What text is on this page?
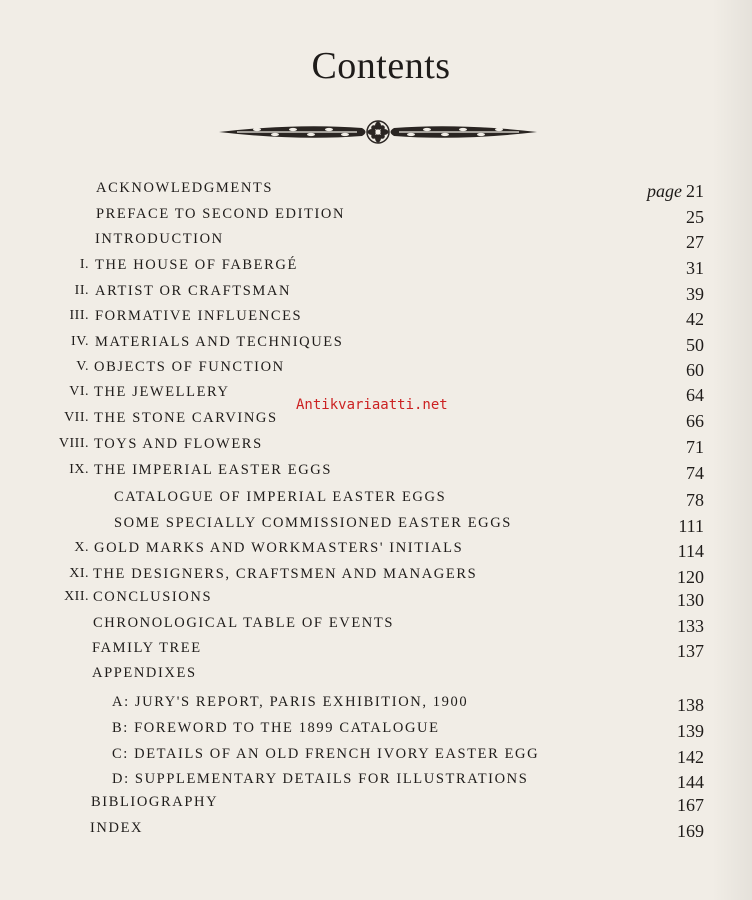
Contents
ACKNOWLEDGMENTS	page 21
PREFACE TO SECOND EDITION	25
INTRODUCTION	27
I. THE HOUSE OF FABERGÉ	31
II. ARTIST OR CRAFTSMAN	39
III. FORMATIVE INFLUENCES	42
IV. MATERIALS AND TECHNIQUES	50
V. OBJECTS OF FUNCTION	60
VI. THE JEWELLERY	64
VII. THE STONE CARVINGS	66
VIII. TOYS AND FLOWERS	71
IX. THE IMPERIAL EASTER EGGS	74
CATALOGUE OF IMPERIAL EASTER EGGS	78
SOME SPECIALLY COMMISSIONED EASTER EGGS	111
X. GOLD MARKS AND WORKMASTERS' INITIALS	114
XI. THE DESIGNERS, CRAFTSMEN AND MANAGERS	120
XII. CONCLUSIONS	130
CHRONOLOGICAL TABLE OF EVENTS	133
FAMILY TREE	137
APPENDIXES
A: JURY'S REPORT, PARIS EXHIBITION, 1900	138
B: FOREWORD TO THE 1899 CATALOGUE	139
C: DETAILS OF AN OLD FRENCH IVORY EASTER EGG	142
D: SUPPLEMENTARY DETAILS FOR ILLUSTRATIONS	144
BIBLIOGRAPHY	167
INDEX	169
Antikvariaatti.net
